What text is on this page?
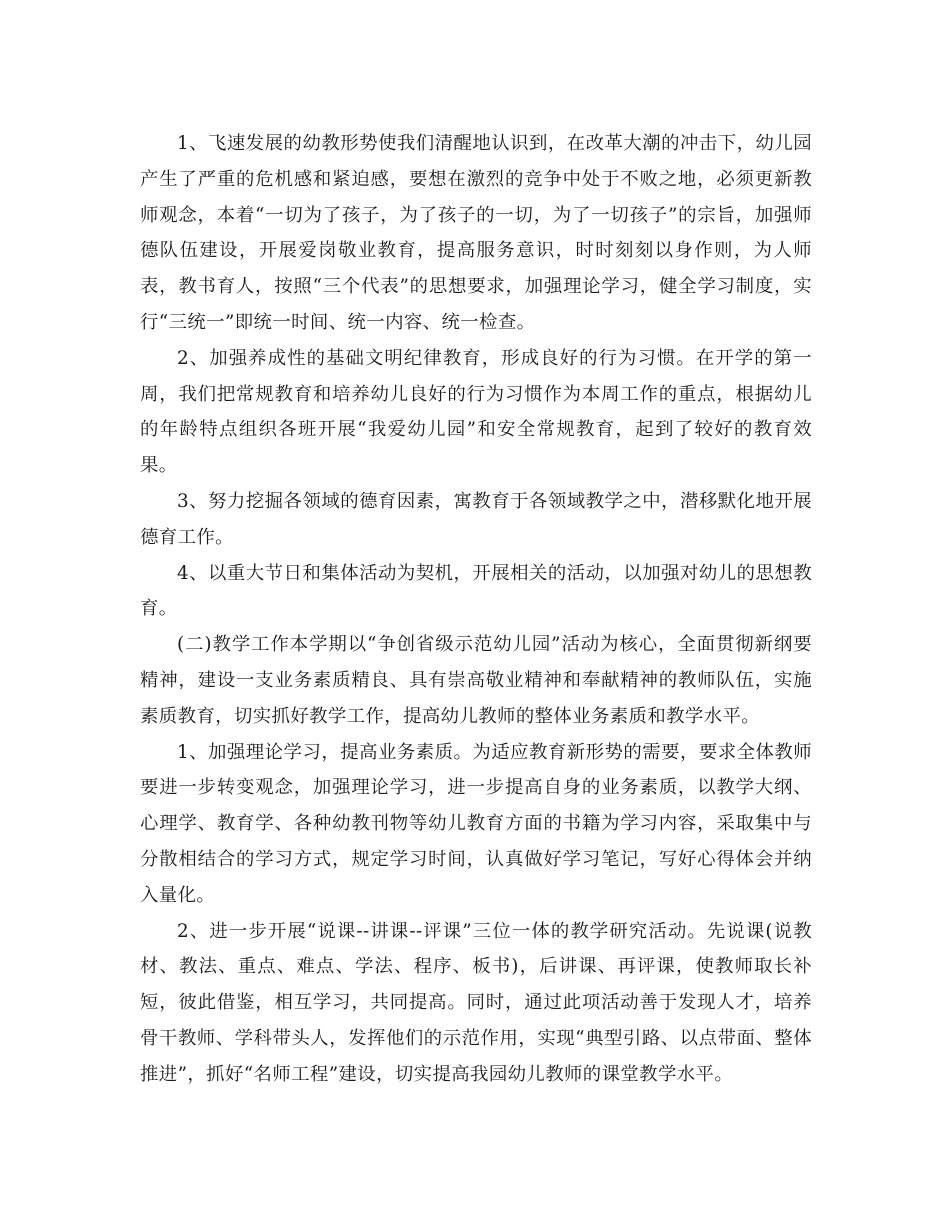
1、飞速发展的幼教形势使我们清醒地认识到，在改革大潮的冲击下，幼儿园产生了严重的危机感和紧迫感，要想在激烈的竞争中处于不败之地，必须更新教师观念，本着“一切为了孩子，为了孩子的一切，为了一切孩子”的宗旨，加强师德队伍建设，开展爱岗敬业教育，提高服务意识，时时刻刻以身作则，为人师表，教书育人，按照“三个代表”的思想要求，加强理论学习，健全学习制度，实行“三统一”即统一时间、统一内容、统一检查。

2、加强养成性的基础文明纪律教育，形成良好的行为习惯。在开学的第一周，我们把常规教育和培养幼儿良好的行为习惯作为本周工作的重点，根据幼儿的年龄特点组织各班开展“我爱幼儿园”和安全常规教育，起到了较好的教育效果。

3、努力挖掘各领域的德育因素，寓教育于各领域教学之中，潜移默化地开展德育工作。

4、以重大节日和集体活动为契机，开展相关的活动，以加强对幼儿的思想教育。

(二)教学工作本学期以“争创省级示范幼儿园”活动为核心，全面贯彻新纲要精神，建设一支业务素质精良、具有崇高敬业精神和奉献精神的教师队伍，实施素质教育，切实抓好教学工作，提高幼儿教师的整体业务素质和教学水平。

1、加强理论学习，提高业务素质。为适应教育新形势的需要，要求全体教师要进一步转变观念，加强理论学习，进一步提高自身的业务素质，以教学大纲、心理学、教育学、各种幼教刊物等幼儿教育方面的书籍为学习内容，采取集中与分散相结合的学习方式，规定学习时间，认真做好学习笔记，写好心得体会并纳入量化。

2、进一步开展“说课--讲课--评课”三位一体的教学研究活动。先说课(说教材、教法、重点、难点、学法、程序、板书)，后讲课、再评课，使教师取长补短，彼此借鉴，相互学习，共同提高。同时，通过此项活动善于发现人才，培养骨干教师、学科带头人，发挥他们的示范作用，实现“典型引路、以点带面、整体推进”，抓好“名师工程”建设，切实提高我园幼儿教师的课堂教学水平。
